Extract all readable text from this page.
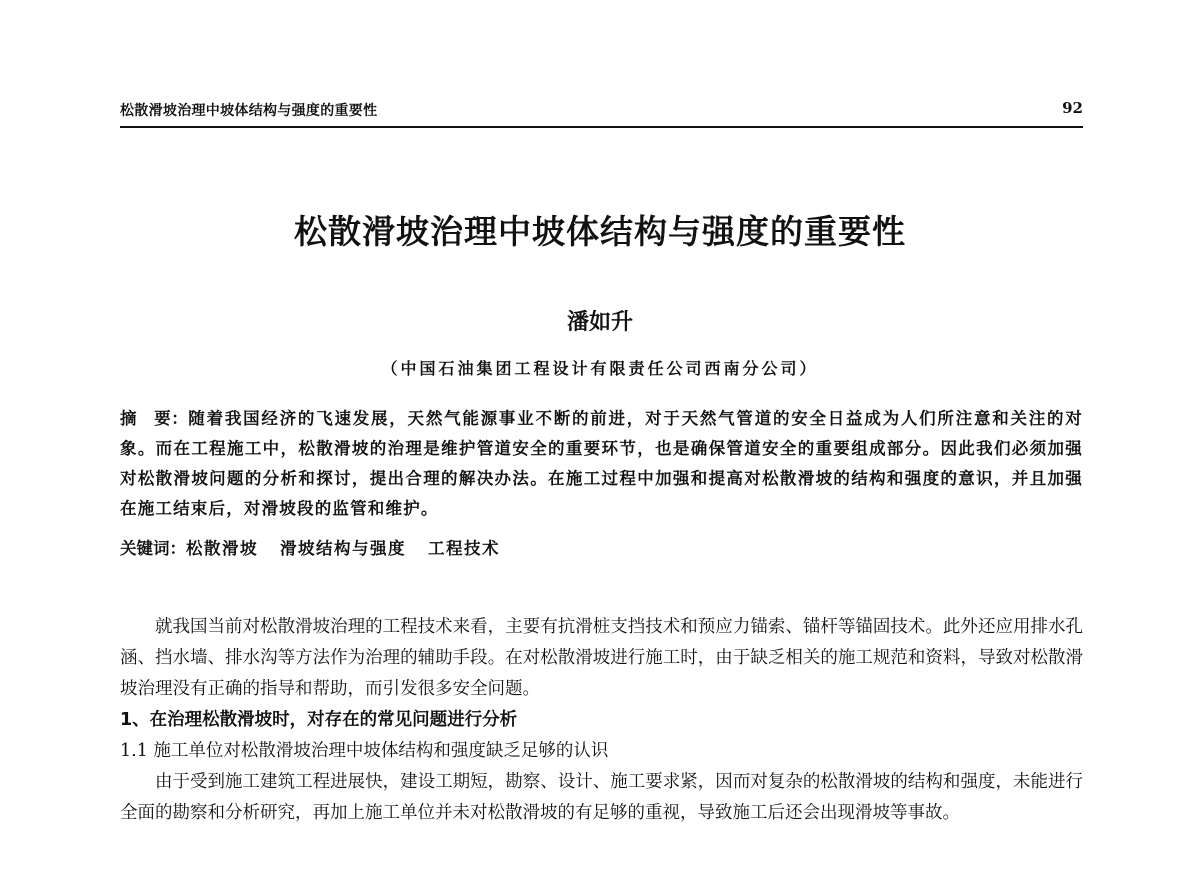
松散滑坡治理中坡体结构与强度的重要性	92
松散滑坡治理中坡体结构与强度的重要性
潘如升
（中国石油集团工程设计有限责任公司西南分公司）
摘　要：随着我国经济的飞速发展，天然气能源事业不断的前进，对于天然气管道的安全日益成为人们所注意和关注的对象。而在工程施工中，松散滑坡的治理是维护管道安全的重要环节，也是确保管道安全的重要组成部分。因此我们必须加强对松散滑坡问题的分析和探讨，提出合理的解决办法。在施工过程中加强和提高对松散滑坡的结构和强度的意识，并且加强在施工结束后，对滑坡段的监管和维护。
关键词：松散滑坡 滑坡结构与强度 工程技术

就我国当前对松散滑坡治理的工程技术来看，主要有抗滑桩支挡技术和预应力锚索、锚杆等锚固技术。此外还应用排水孔涵、挡水墙、排水沟等方法作为治理的辅助手段。在对松散滑坡进行施工时，由于缺乏相关的施工规范和资料，导致对松散滑坡治理没有正确的指导和帮助，而引发很多安全问题。

1、在治理松散滑坡时，对存在的常见问题进行分析

1.1 施工单位对松散滑坡治理中坡体结构和强度缺乏足够的认识

由于受到施工建筑工程进展快，建设工期短，勘察、设计、施工要求紧，因而对复杂的松散滑坡的结构和强度，未能进行全面的勘察和分析研究，再加上施工单位并未对松散滑坡的有足够的重视，导致施工后还会出现滑坡等事故。
